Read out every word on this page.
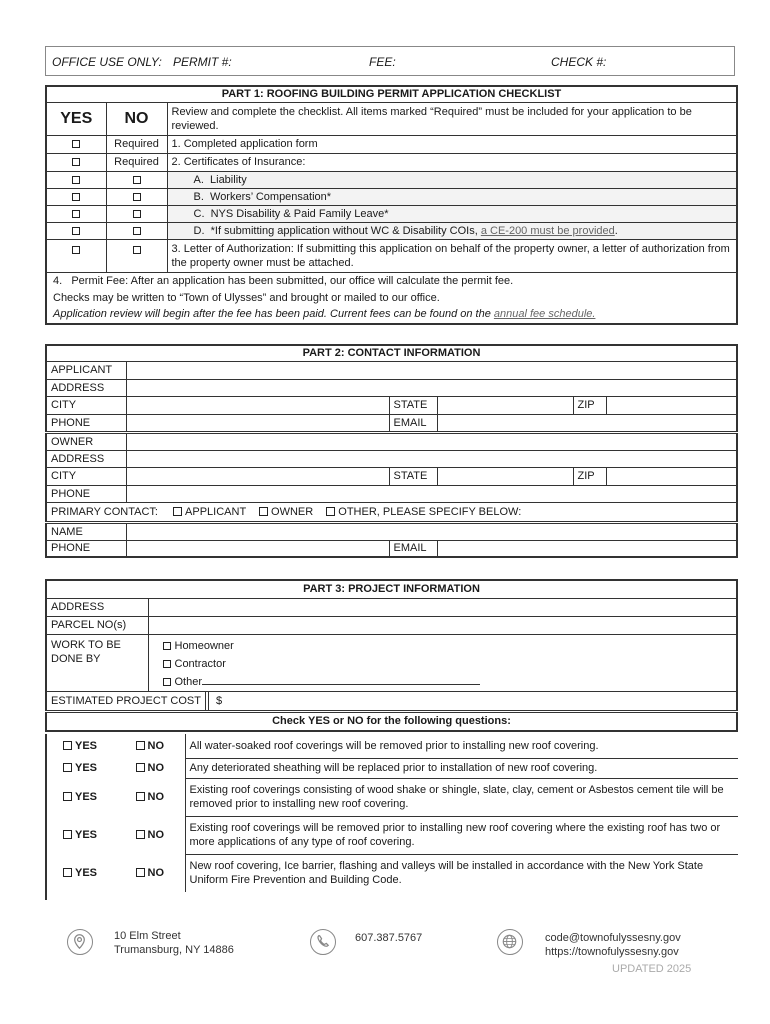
OFFICE USE ONLY: PERMIT #:	FEE:	CHECK #:
PART 1: ROOFING BUILDING PERMIT APPLICATION CHECKLIST		
YES	NO	Review and complete the checklist. All items marked “Required” must be included for your application to be reviewed.
	Required	1. Completed application form
	Required	2. Certificates of Insurance:
		A.  Liability
		B.  Workers’ Compensation*
		C.  NYS Disability & Paid Family Leave*
		D.  *If submitting application without WC & Disability COIs, a CE-200 must be provided.
		3. Letter of Authorization: If submitting this application on behalf of the property owner, a letter of authorization from the property owner must be attached.

4.   Permit Fee: After an application has been submitted, our office will calculate the permit fee.
Checks may be written to “Town of Ulysses” and brought or mailed to our office.
Application review will begin after the fee has been paid. Current fees can be found on the annual fee schedule.		
PART 2: CONTACT INFORMATION					
APPLICANT					
ADDRESS					
CITY		STATE		ZIP	
PHONE		EMAIL			
OWNER					
ADDRESS					
CITY		STATE		ZIP	
PHONE					
PRIMARY CONTACT: APPLICANT OWNER OTHER, PLEASE SPECIFY BELOW:					
NAME					
PHONE		EMAIL			
PART 3: PROJECT INFORMATION		
ADDRESS		
PARCEL NO(s)		
WORK TO BE DONE BY	Homeowner
Contractor
Other	

ESTIMATED PROJECT COST $		
Check YES or NO for the following questions:		
YES	NO	All water-soaked roof coverings will be removed prior to installing new roof covering.
YES	NO	Any deteriorated sheathing will be replaced prior to installation of new roof covering.
YES	NO	Existing roof coverings consisting of wood shake or shingle, slate, clay, cement or Asbestos cement tile will be removed prior to installing new roof covering.
YES	NO	Existing roof coverings will be removed prior to installing new roof covering where the existing roof has two or more applications of any type of roof covering.
YES	NO	New roof covering, Ice barrier, flashing and valleys will be installed in accordance with the New York State Uniform Fire Prevention and Building Code.
10 Elm Street
Trumansburg, NY 14886
607.387.5767	code@townofulyssesny.gov
https://townofulyssesny.gov
UPDATED 2025
